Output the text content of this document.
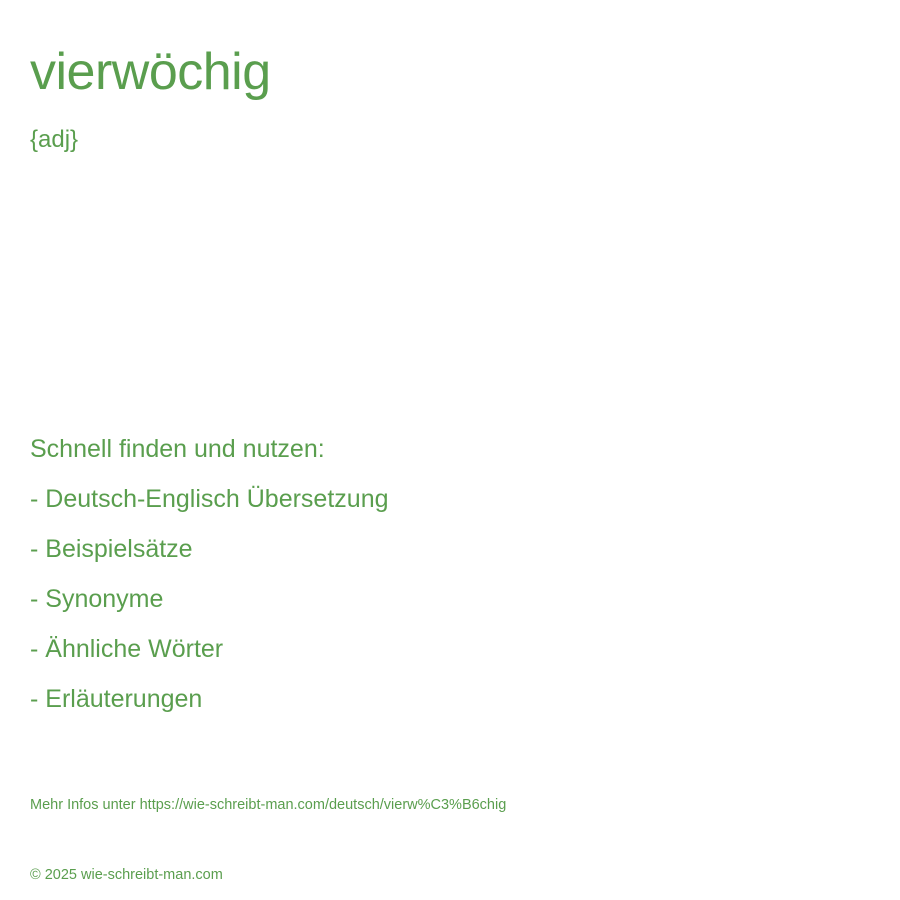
vierwöchig
{adj}
Schnell finden und nutzen:
- Deutsch-Englisch Übersetzung
- Beispielsätze
- Synonyme
- Ähnliche Wörter
- Erläuterungen
Mehr Infos unter https://wie-schreibt-man.com/deutsch/vierw%C3%B6chig
© 2025 wie-schreibt-man.com
